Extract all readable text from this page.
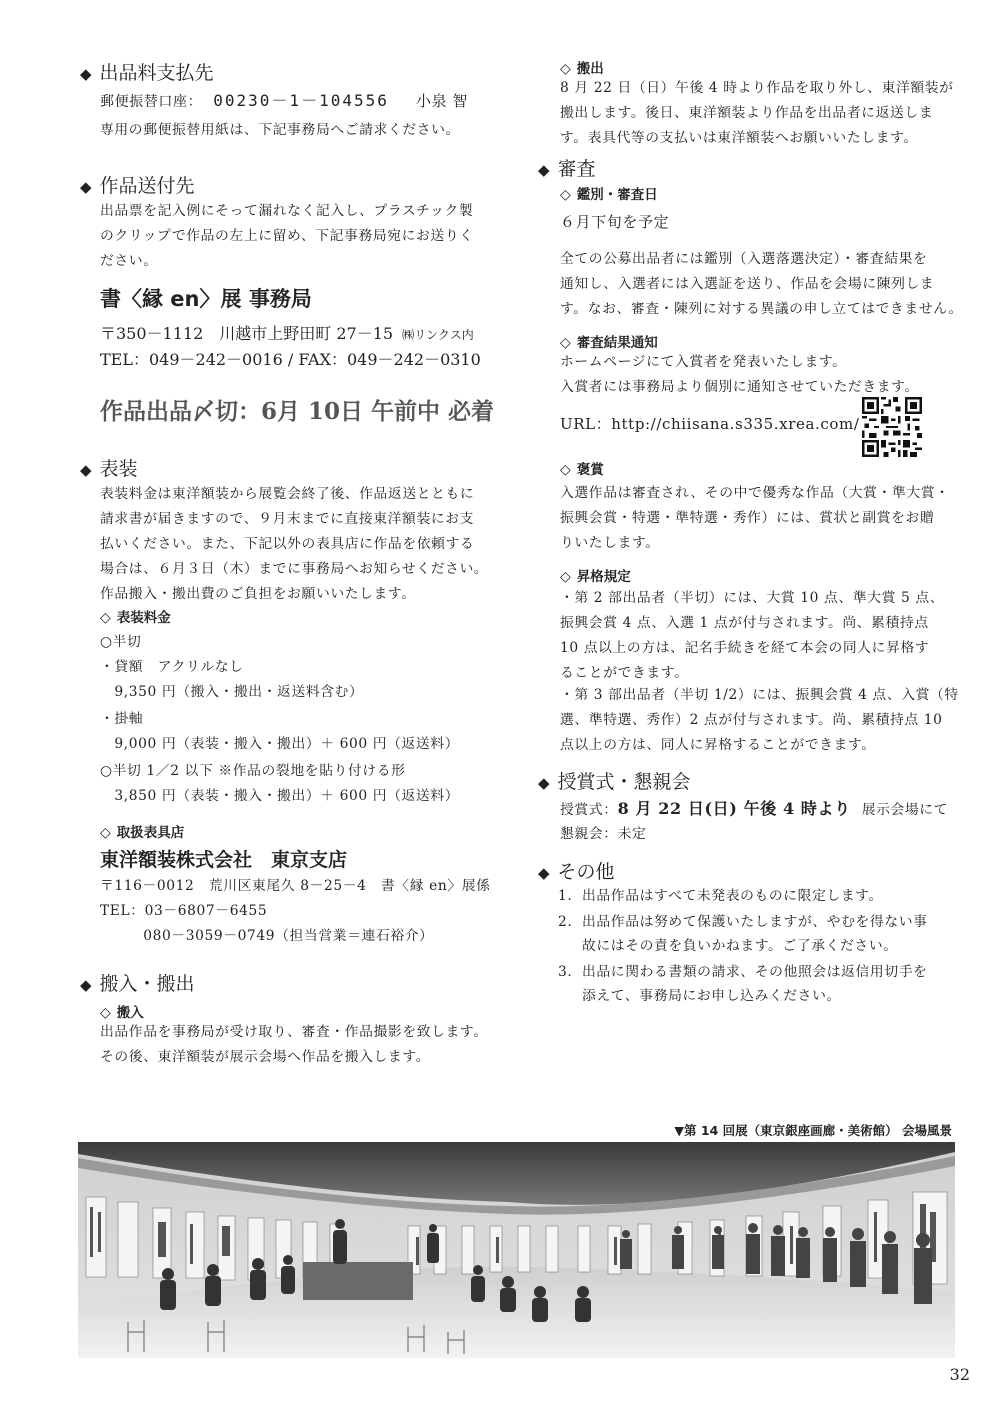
◆ 出品料支払先
郵便振替口座： 00230－1－104556 小泉 智
専用の郵便振替用紙は、下記事務局へご請求ください。
◆ 作品送付先
出品票を記入例にそって漏れなく記入し、プラスチック製
のクリップで作品の左上に留め、下記事務局宛にお送りく
ださい。
書〈縁 en〉展 事務局
〒350－1112　川越市上野田町 27－15 ㈱リンクス内
TEL：049－242－0016 / FAX：049－242－0310
作品出品〆切：6月 10日 午前中 必着
◆ 表装
表装料金は東洋額装から展覧会終了後、作品返送とともに
請求書が届きますので、９月末までに直接東洋額装にお支
払いください。また、下記以外の表具店に作品を依頼する
場合は、６月３日（木）までに事務局へお知らせください。
作品搬入・搬出費のご負担をお願いいたします。
◇ 表装料金
○半切
・貸額　アクリルなし
　9,350 円（搬入・搬出・返送料含む）
・掛軸
　9,000 円（表装・搬入・搬出）＋ 600 円（返送料）
○半切 1／2 以下 ※作品の裂地を貼り付ける形
　3,850 円（表装・搬入・搬出）＋ 600 円（返送料）
◇ 取扱表具店
東洋額装株式会社　東京支店
〒116－0012　荒川区東尾久 8－25－4　書〈縁 en〉展係
TEL：03－6807－6455
　　　080－3059－0749（担当営業＝連石裕介）
◆ 搬入・搬出
◇ 搬入
出品作品を事務局が受け取り、審査・作品撮影を致します。
その後、東洋額装が展示会場へ作品を搬入します。
◇ 搬出
8 月 22 日（日）午後 4 時より作品を取り外し、東洋額装が
搬出します。後日、東洋額装より作品を出品者に返送しま
す。表具代等の支払いは東洋額装へお願いいたします。
◆ 審査
◇ 鑑別・審査日
６月下旬を予定
全ての公募出品者には鑑別（入選落選決定）・審査結果を
通知し、入選者には入選証を送り、作品を会場に陳列しま
す。なお、審査・陳列に対する異議の申し立てはできません。
◇ 審査結果通知
ホームページにて入賞者を発表いたします。
入賞者には事務局より個別に通知させていただきます。
URL：http://chiisana.s335.xrea.com/
◇ 褒賞
入選作品は審査され、その中で優秀な作品（大賞・準大賞・
振興会賞・特選・準特選・秀作）には、賞状と副賞をお贈
りいたします。
◇ 昇格規定
・第 2 部出品者（半切）には、大賞 10 点、準大賞 5 点、
振興会賞 4 点、入選 1 点が付与されます。尚、累積持点
10 点以上の方は、記名手続きを経て本会の同人に昇格す
ることができます。
・第 3 部出品者（半切 1/2）には、振興会賞 4 点、入賞（特
選、準特選、秀作）2 点が付与されます。尚、累積持点 10
点以上の方は、同人に昇格することができます。
◆ 授賞式・懇親会
授賞式：8 月 22 日(日) 午後 4 時より 展示会場にて
懇親会：未定
◆ その他
1. 出品作品はすべて未発表のものに限定します。
2. 出品作品は努めて保護いたしますが、やむを得ない事
故にはその責を負いかねます。ご了承ください。
3. 出品に関わる書類の請求、その他照会は返信用切手を
添えて、事務局にお申し込みください。
▼第 14 回展（東京銀座画廊・美術館） 会場風景
32
